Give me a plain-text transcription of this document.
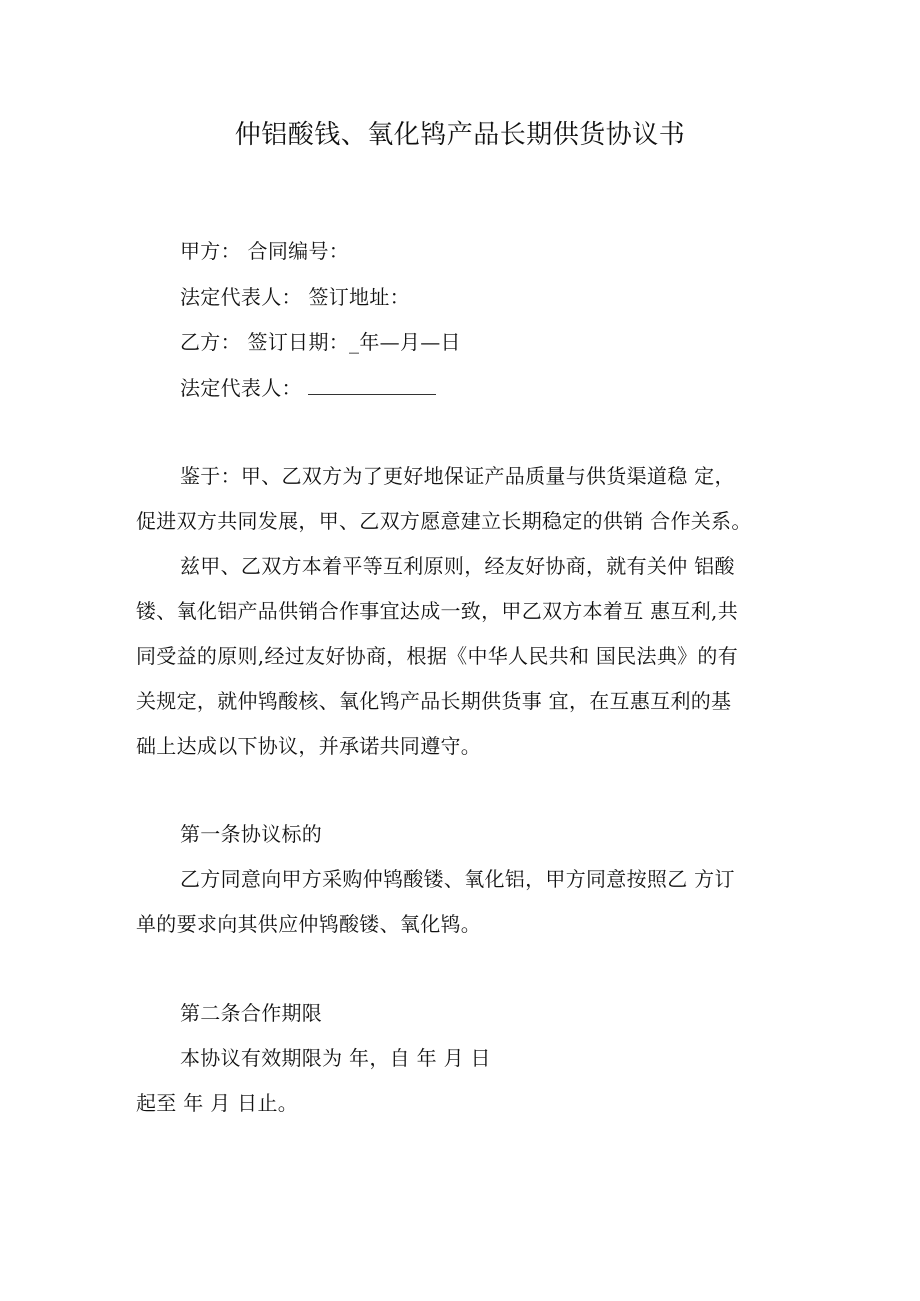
仲铝酸钱、氧化鸨产品长期供货协议书
甲方： 合同编号：
法定代表人： 签订地址：
乙方： 签订日期：_年—月—日
法定代表人：
鉴于：甲、乙双方为了更好地保证产品质量与供货渠道稳 定，
促进双方共同发展，甲、乙双方愿意建立长期稳定的供销 合作关系。
兹甲、乙双方本着平等互利原则，经友好协商，就有关仲 铝酸
镂、氧化铝产品供销合作事宜达成一致，甲乙双方本着互 惠互利,共
同受益的原则,经过友好协商，根据《中华人民共和 国民法典》的有
关规定，就仲鸨酸核、氧化鸨产品长期供货事 宜，在互惠互利的基
础上达成以下协议，并承诺共同遵守。
第一条协议标的
乙方同意向甲方采购仲鸨酸镂、氧化铝，甲方同意按照乙 方订
单的要求向其供应仲鸨酸镂、氧化鸨。
第二条合作期限
本协议有效期限为 年，自 年 月 日
起至 年 月 日止。
